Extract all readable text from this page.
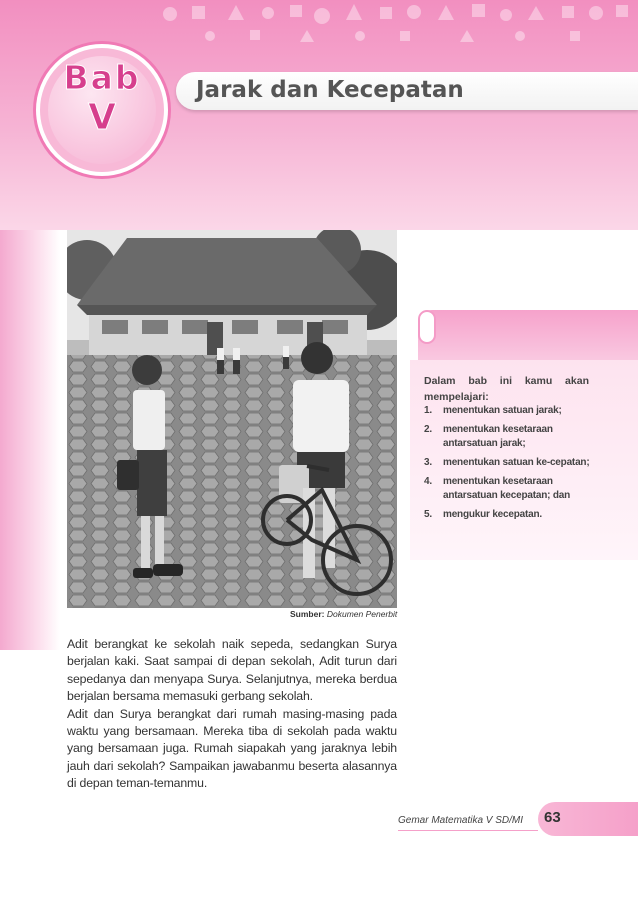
Bab
V
Jarak dan Kecepatan
Sumber: Dokumen Penerbit
Dalam bab ini kamu akan mempelajari:
1. menentukan satuan jarak;
2. menentukan kesetaraan antarsatuan jarak;
3. menentukan satuan ke-cepatan;
4. menentukan kesetaraan antarsatuan kecepatan; dan
5. mengukur kecepatan.

Adit berangkat ke sekolah naik sepeda, sedangkan Surya berjalan kaki. Saat sampai di depan sekolah, Adit turun dari sepedanya dan menyapa Surya. Selanjutnya, mereka berdua berjalan bersama memasuki gerbang sekolah.

Adit dan Surya berangkat dari rumah masing-masing pada waktu yang bersamaan. Mereka tiba di sekolah pada waktu yang bersamaan juga. Rumah siapakah yang jaraknya lebih jauh dari sekolah? Sampaikan jawabanmu beserta alasannya di depan teman-temanmu.

Gemar Matematika V SD/MI 63
